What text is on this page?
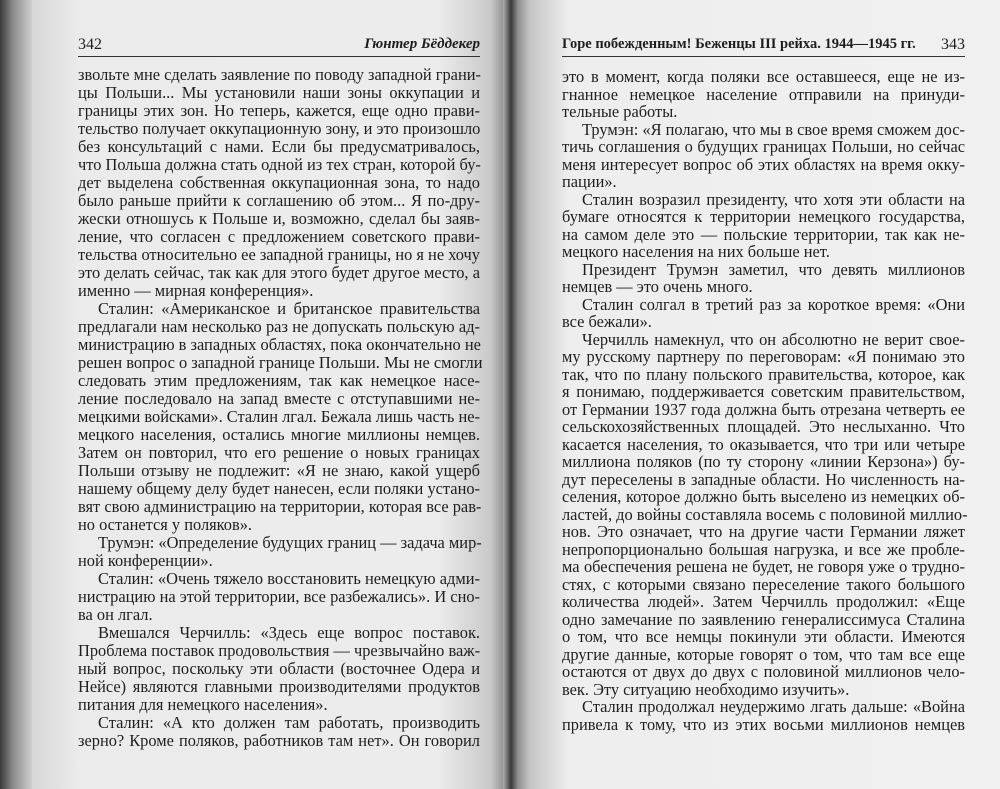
342	Гюнтер Бёддекер	Горе побежденным! Беженцы III рейха. 1944—1945 гг. 343
звольте мне сделать заявление по поводу западной грани-
цы Польши... Мы установили наши зоны оккупации и
границы этих зон. Но теперь, кажется, еще одно прави-
тельство получает оккупационную зону, и это произошло
без консультаций с нами. Если бы предусматривалось,
что Польша должна стать одной из тех стран, которой бу-
дет выделена собственная оккупационная зона, то надо
было раньше прийти к соглашению об этом... Я по-дру-
жески отношусь к Польше и, возможно, сделал бы заяв-
ление, что согласен с предложением советского прави-
тельства относительно ее западной границы, но я не хочу
это делать сейчас, так как для этого будет другое место, а
именно — мирная конференция».
Сталин: «Американское и британское правительства
предлагали нам несколько раз не допускать польскую ад-
министрацию в западных областях, пока окончательно не
решен вопрос о западной границе Польши. Мы не смогли
следовать этим предложениям, так как немецкое насе-
ление последовало на запад вместе с отступавшими не-
мецкими войсками». Сталин лгал. Бежала лишь часть не-
мецкого населения, остались многие миллионы немцев.
Затем он повторил, что его решение о новых границах
Польши отзыву не подлежит: «Я не знаю, какой ущерб
нашему общему делу будет нанесен, если поляки устано-
вят свою администрацию на территории, которая все рав-
но останется у поляков».
Трумэн: «Определение будущих границ — задача мир-
ной конференции».
Сталин: «Очень тяжело восстановить немецкую адми-
нистрацию на этой территории, все разбежались». И сно-
ва он лгал.
Вмешался Черчилль: «Здесь еще вопрос поставок.
Проблема поставок продовольствия — чрезвычайно важ-
ный вопрос, поскольку эти области (восточнее Одера и
Нейсе) являются главными производителями продуктов
питания для немецкого населения».
Сталин: «А кто должен там работать, производить
зерно? Кроме поляков, работников там нет». Он говорил
это в момент, когда поляки все оставшееся, еще не из-
гнанное немецкое население отправили на принуди-
тельные работы.
Трумэн: «Я полагаю, что мы в свое время сможем дос-
тичь соглашения о будущих границах Польши, но сейчас
меня интересует вопрос об этих областях на время окку-
пации».
Сталин возразил президенту, что хотя эти области на
бумаге относятся к территории немецкого государства,
на самом деле это — польские территории, так как не-
мецкого населения на них больше нет.
Президент Трумэн заметил, что девять миллионов
немцев — это очень много.
Сталин солгал в третий раз за короткое время: «Они
все бежали».
Черчилль намекнул, что он абсолютно не верит свое-
му русскому партнеру по переговорам: «Я понимаю это
так, что по плану польского правительства, которое, как
я понимаю, поддерживается советским правительством,
от Германии 1937 года должна быть отрезана четверть ее
сельскохозяйственных площадей. Это неслыханно. Что
касается населения, то оказывается, что три или четыре
миллиона поляков (по ту сторону «линии Керзона») бу-
дут переселены в западные области. Но численность на-
селения, которое должно быть выселено из немецких об-
ластей, до войны составляла восемь с половиной миллио-
нов. Это означает, что на другие части Германии ляжет
непропорционально большая нагрузка, и все же пробле-
ма обеспечения решена не будет, не говоря уже о трудно-
стях, с которыми связано переселение такого большого
количества людей». Затем Черчилль продолжил: «Еще
одно замечание по заявлению генералиссимуса Сталина
о том, что все немцы покинули эти области. Имеются
другие данные, которые говорят о том, что там все еще
остаются от двух до двух с половиной миллионов чело-
век. Эту ситуацию необходимо изучить».
Сталин продолжал неудержимо лгать дальше: «Война
привела к тому, что из этих восьми миллионов немцев
